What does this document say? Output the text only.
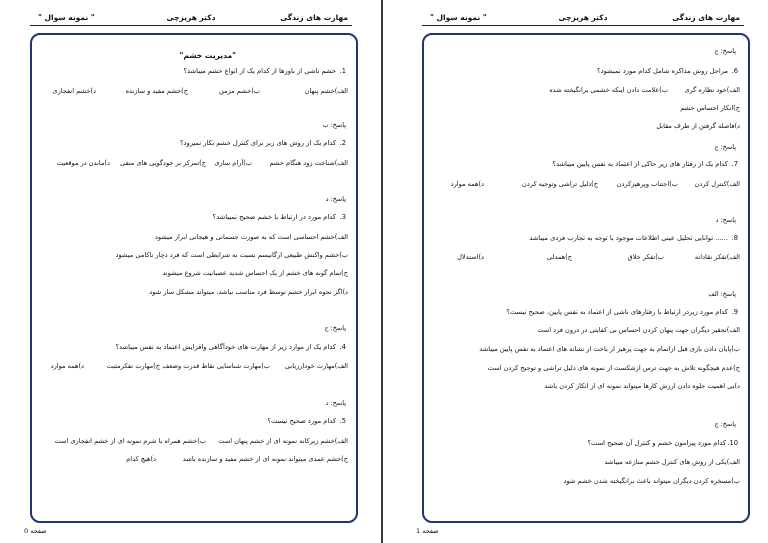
مهارت های زندگی
دکتر هریزچی
" نمونه سوال "
"مدیریت خشم"
1.
خشم ناشی از باورها از کدام یک از انواع خشم میباشد؟
الف)خشم پنهان
ب)خشم مزمن
ج)خشم مفید و سازنده
د)خشم انفجاری
پاسخ: ب
2.
کدام یک از روش های زیر برای کنترل خشم بکار نمیرود؟
الف)شناخت زود هنگام خشم
ب)آرام سازی
ج)تمرکز بر خودگویی های منفی
د)ماندن در موقعیت
پاسخ: د
3.
کدام مورد در ارتباط با خشم صحیح نمیباشد؟
الف)خشم احساسی است که به صورت جسمانی و هیجانی ابراز میشود
ب)خشم واکنش طبیعی ارگانیسم نسبت به شرایطی است که فرد دچار ناکامی میشود
ج)تمام گونه های خشم از یک احساس شدید عصبانیت شروع میشوند
د)اگر نحوه ابراز خشم توسط فرد مناسب نباشد، میتواند مشکل ساز شود
پاسخ: ج
4.
کدام یک از موارد زیر از مهارت های خودآگاهی وافزایش اعتماد به نفس میباشد؟
الف)مهارت خودارزیابی
ب)مهارت شناسایی نقاط قدرت وضعف
ج)مهارت تفکرمثبت
د)همه موارد
پاسخ: د
5.
کدام مورد صحیح نیست؟
الف)خشم زیرکانه نمونه ای از خشم پنهان است
ب)خشم همراه با شرم نمونه ای از خشم انفجاری است
ج)خشم عمدی میتواند نمونه ای از خشم مفید و سازنده باشد
د)هیچ کدام
صفحه 0
مهارت های زندگی
دکتر هریزچی
" نمونه سوال "
پاسخ: ج
6.
مراحل روش مذاکره شامل کدام مورد نمیشود؟
الف)خود نظاره گری
ب)علامت دادن اینکه خشمی برانگیخته شده
ج)انکار احساس خشم
د)فاصله گرفتن از طرف مقابل
پاسخ: ج
7.
کدام یک از رفتار های زیر حاکی از اعتماد به نفس پایین میباشد؟
الف)کنترل کردن
ب)اجتناب وپرهیزکردن
ج)دلیل تراشی وتوجیه کردن
د)همه موارد
پاسخ: د
8.
...... توانایی تحلیل عینی اطلاعات موجود با توجه به تجارب فردی میباشد
الف)تفکر نقادانه
ب)تفکر خلاق
ج)همدلی
د)استدلال
پاسخ: الف
9.
کدام مورد زیردر ارتباط با رفتارهای ناشی از اعتماد به نفس پایین، صحیح نیست؟
الف)تحقیر دیگران جهت پنهان کردن احساس بی کفایتی در درون فرد است
ب)پایان دادن بازی قبل ازاتمام به جهت پرهیز از باخت از نشانه های اعتماد به نفس پایین میباشد
ج)عدم هیچگونه تلاش به جهت ترس ازشکست از نمونه های دلیل تراشی و توجیح کردن است
د)بی اهمیت جلوه دادن ارزش کارها میتواند نمونه ای از انکار کردن باشد
پاسخ: ج
10.
کدام مورد پیرامون خشم و کنترل آن صحیح است؟
الف)یکی از روش های کنترل خشم منازعه میباشد
ب)مسخره کردن دیگران میتواند باعث برانگیخته شدن خشم شود
صفحه 1
